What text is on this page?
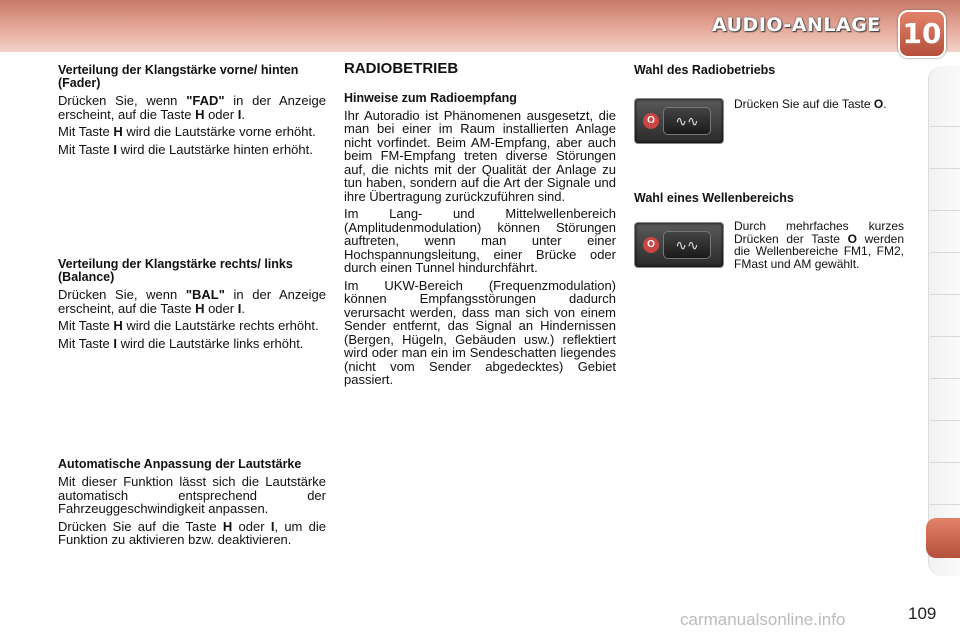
AUDIO-ANLAGE 10
Verteilung der Klangstärke vorne/ hinten (Fader)

Drücken Sie, wenn "FAD" in der Anzeige erscheint, auf die Taste H oder I.

Mit Taste H wird die Lautstärke vorne erhöht.

Mit Taste I wird die Lautstärke hinten erhöht.

Verteilung der Klangstärke rechts/ links (Balance)

Drücken Sie, wenn "BAL" in der Anzeige erscheint, auf die Taste H oder I.

Mit Taste H wird die Lautstärke rechts erhöht.

Mit Taste I wird die Lautstärke links erhöht.

Automatische Anpassung der Lautstärke

Mit dieser Funktion lässt sich die Lautstärke automatisch entsprechend der Fahrzeuggeschwindigkeit anpassen.

Drücken Sie auf die Taste H oder I, um die Funktion zu aktivieren bzw. deaktivieren.

RADIOBETRIEB
Hinweise zum Radioempfang

Ihr Autoradio ist Phänomenen ausgesetzt, die man bei einer im Raum installierten Anlage nicht vorfindet. Beim AM-Empfang, aber auch beim FM-Empfang treten diverse Störungen auf, die nichts mit der Qualität der Anlage zu tun haben, sondern auf die Art der Signale und ihre Übertragung zurückzuführen sind.

Im Lang- und Mittelwellenbereich (Amplitudenmodulation) können Störungen auftreten, wenn man unter einer Hochspannungsleitung, einer Brücke oder durch einen Tunnel hindurchfährt.

Im UKW-Bereich (Frequenzmodulation) können Empfangsstörungen dadurch verursacht werden, dass man sich von einem Sender entfernt, das Signal an Hindernissen (Bergen, Hügeln, Gebäuden usw.) reflektiert wird oder man ein im Sendeschatten liegendes (nicht vom Sender abgedecktes) Gebiet passiert.

Wahl des Radiobetriebs
O	∿∿
Drücken Sie auf die Taste O.
Wahl eines Wellenbereichs
O	∿∿
Durch mehrfaches kurzes Drücken der Taste O werden die Wellenbereiche FM1, FM2, FMast und AM gewählt.
carmanualsonline.info	109
